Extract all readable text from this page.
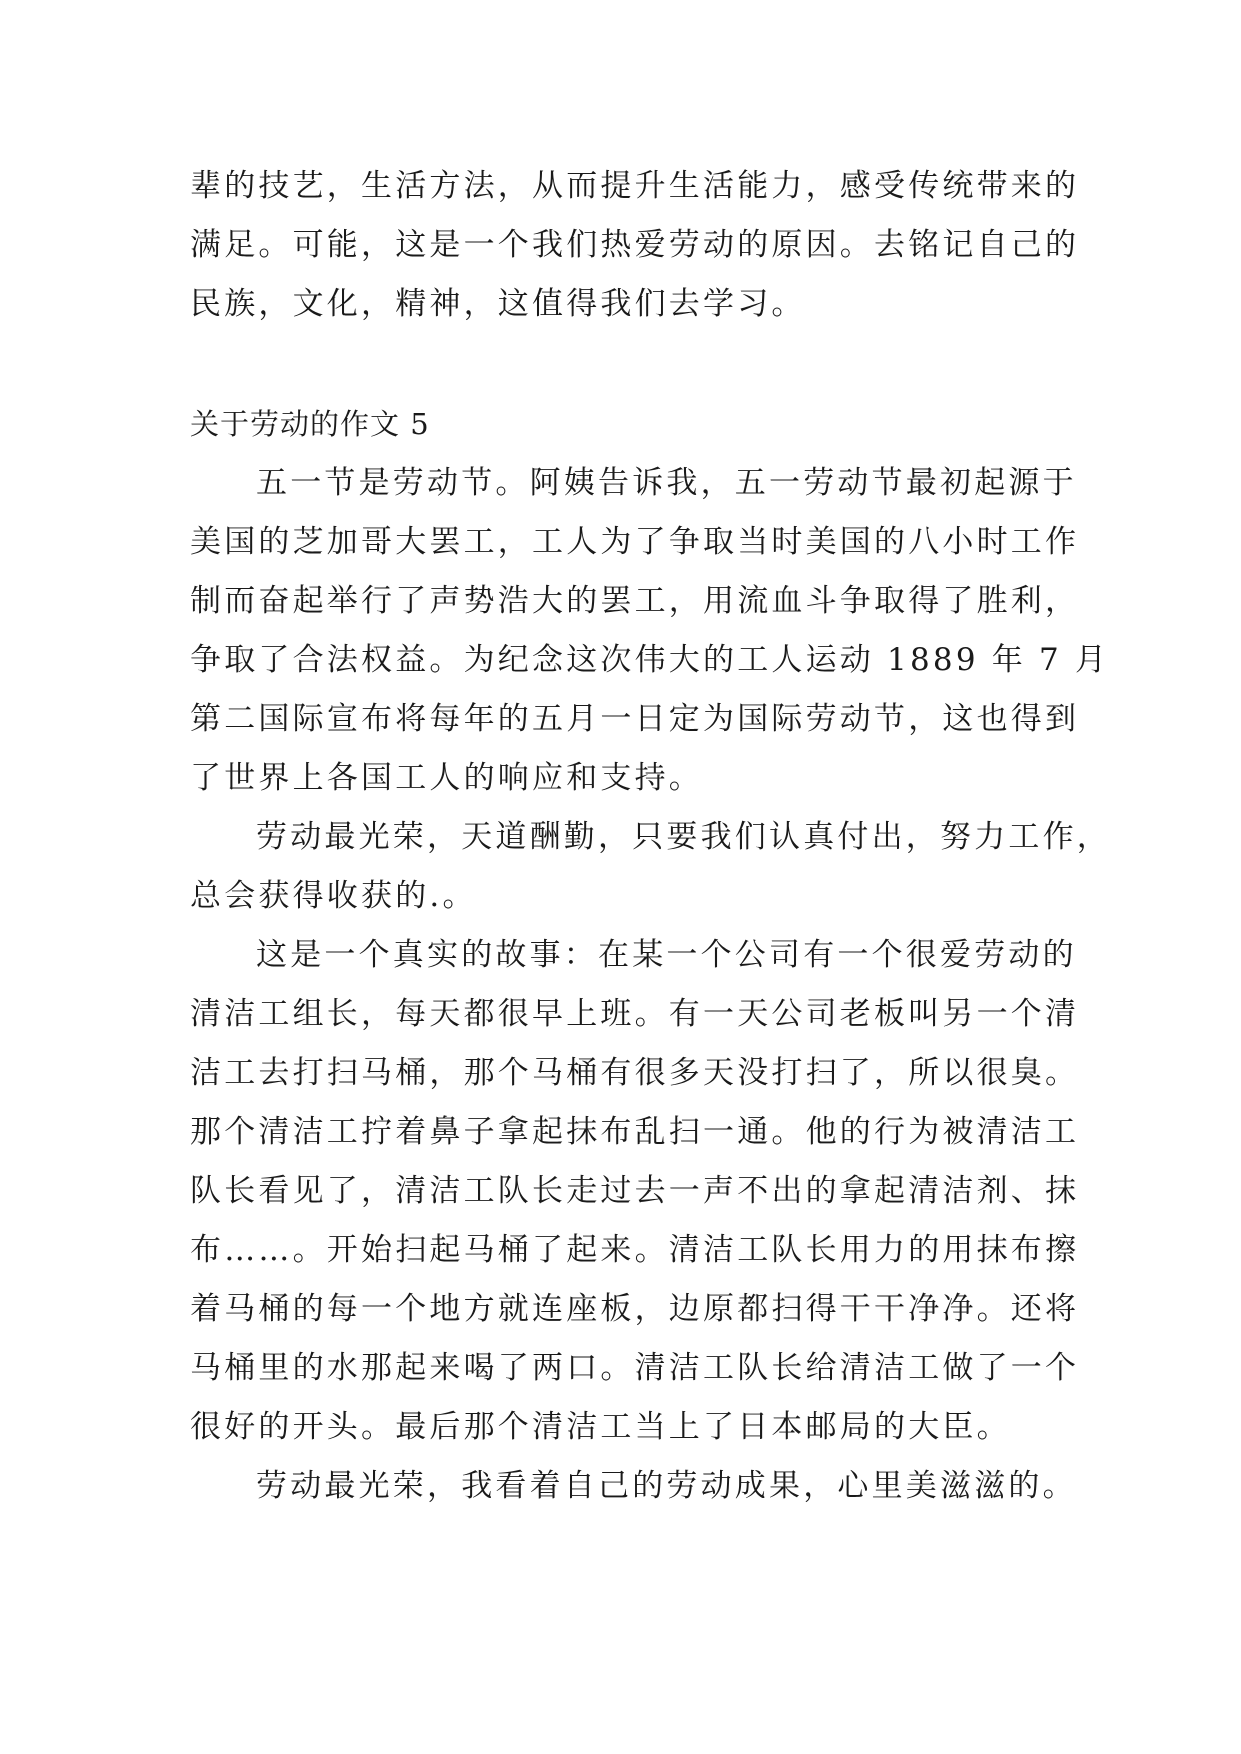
辈的技艺，生活方法，从而提升生活能力，感受传统带来的
满足。可能，这是一个我们热爱劳动的原因。去铭记自己的
民族，文化，精神，这值得我们去学习。
关于劳动的作文 5
五一节是劳动节。阿姨告诉我，五一劳动节最初起源于
美国的芝加哥大罢工，工人为了争取当时美国的八小时工作
制而奋起举行了声势浩大的罢工，用流血斗争取得了胜利，
争取了合法权益。为纪念这次伟大的工人运动 1889 年 7 月
第二国际宣布将每年的五月一日定为国际劳动节，这也得到
了世界上各国工人的响应和支持。
劳动最光荣，天道酬勤，只要我们认真付出，努力工作，
总会获得收获的.。
这是一个真实的故事：在某一个公司有一个很爱劳动的
清洁工组长，每天都很早上班。有一天公司老板叫另一个清
洁工去打扫马桶，那个马桶有很多天没打扫了，所以很臭。
那个清洁工拧着鼻子拿起抹布乱扫一通。他的行为被清洁工
队长看见了，清洁工队长走过去一声不出的拿起清洁剂、抹
布……。开始扫起马桶了起来。清洁工队长用力的用抹布擦
着马桶的每一个地方就连座板，边原都扫得干干净净。还将
马桶里的水那起来喝了两口。清洁工队长给清洁工做了一个
很好的开头。最后那个清洁工当上了日本邮局的大臣。
劳动最光荣，我看着自己的劳动成果，心里美滋滋的。
